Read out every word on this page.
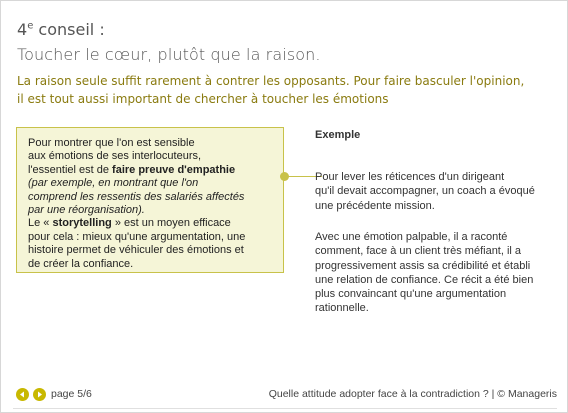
4e conseil :
Toucher le cœur, plutôt que la raison.
La raison seule suffit rarement à contrer les opposants. Pour faire basculer l'opinion,
il est tout aussi important de chercher à toucher les émotions
Pour montrer que l'on est sensible
aux émotions de ses interlocuteurs,
l'essentiel est de faire preuve d'empathie
(par exemple, en montrant que l'on
comprend les ressentis des salariés affectés
par une réorganisation).
Le « storytelling » est un moyen efficace
pour cela : mieux qu'une argumentation, une
histoire permet de véhiculer des émotions et
de créer la confiance.
Exemple
Pour lever les réticences d'un dirigeant
qu'il devait accompagner, un coach a évoqué
une précédente mission.
Avec une émotion palpable, il a raconté
comment, face à un client très méfiant, il a
progressivement assis sa crédibilité et établi
une relation de confiance. Ce récit a été bien
plus convaincant qu'une argumentation
rationnelle.
page 5/6	Quelle attitude adopter face à la contradiction ? | © Manageris
